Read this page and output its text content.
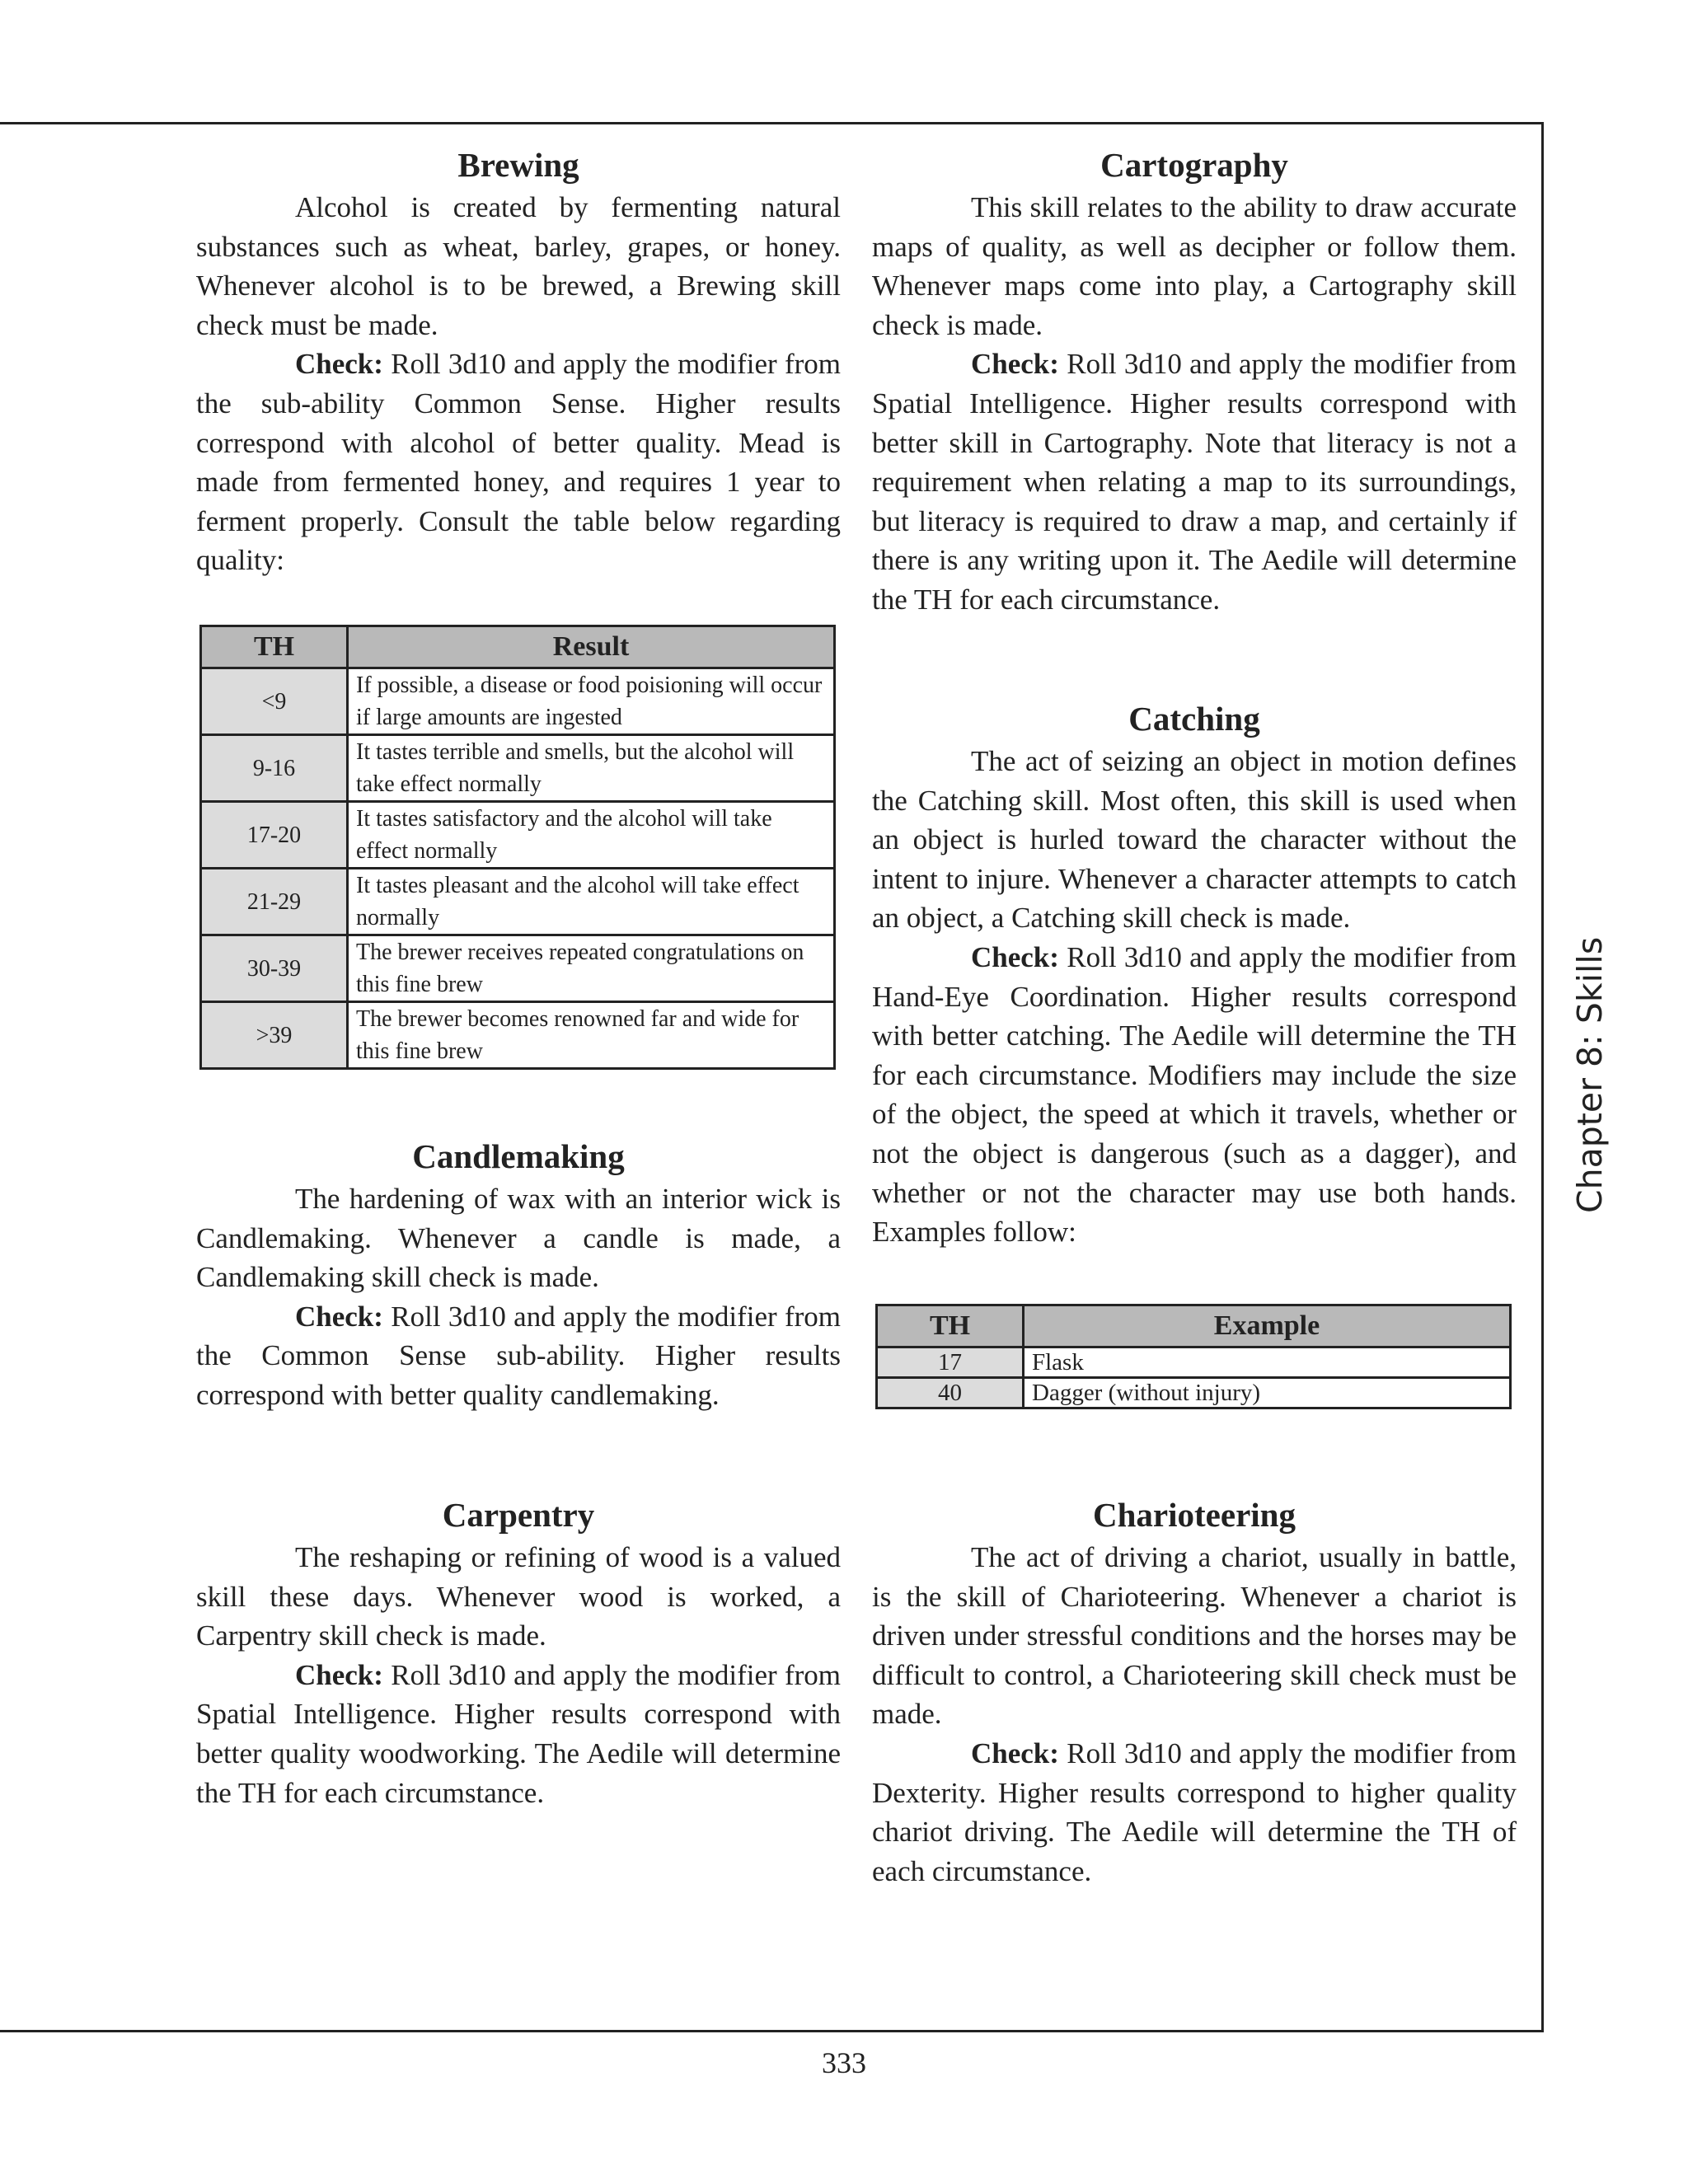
Brewing

Alcohol is created by fermenting natural substances such as wheat, barley, grapes, or honey. Whenever alcohol is to be brewed, a Brewing skill check must be made.

Check: Roll 3d10 and apply the modifier from the sub-ability Common Sense. Higher results correspond with alcohol of better quality. Mead is made from fermented honey, and requires 1 year to ferment properly. Consult the table below regarding quality:

TH	Result
<9	If possible, a disease or food poisioning will occur if large amounts are ingested
9-16	It tastes terrible and smells, but the alcohol will take effect normally
17-20	It tastes satisfactory and the alcohol will take effect normally
21-29	It tastes pleasant and the alcohol will take effect normally
30-39	The brewer receives repeated congratulations on this fine brew
>39	The brewer becomes renowned far and wide for this fine brew
Candlemaking

The hardening of wax with an interior wick is Candlemaking. Whenever a candle is made, a Candlemaking skill check is made.

Check: Roll 3d10 and apply the modifier from the Common Sense sub-ability. Higher results correspond with better quality candlemaking.

Carpentry

The reshaping or refining of wood is a valued skill these days. Whenever wood is worked, a Carpentry skill check is made.

Check: Roll 3d10 and apply the modifier from Spatial Intelligence. Higher results correspond with better quality woodworking. The Aedile will determine the TH for each circumstance.

Cartography

This skill relates to the ability to draw accurate maps of quality, as well as decipher or follow them. Whenever maps come into play, a Cartography skill check is made.

Check: Roll 3d10 and apply the modifier from Spatial Intelligence. Higher results correspond with better skill in Cartography. Note that literacy is not a requirement when relating a map to its surroundings, but literacy is required to draw a map, and certainly if there is any writing upon it. The Aedile will determine the TH for each circumstance.

Catching

The act of seizing an object in motion defines the Catching skill. Most often, this skill is used when an object is hurled toward the character without the intent to injure. Whenever a character attempts to catch an object, a Catching skill check is made.

Check: Roll 3d10 and apply the modifier from Hand-Eye Coordination. Higher results correspond with better catching. The Aedile will determine the TH for each circumstance. Modifiers may include the size of the object, the speed at which it travels, whether or not the object is dangerous (such as a dagger), and whether or not the character may use both hands. Examples follow:

TH	Example
17	Flask
40	Dagger (without injury)
Charioteering

The act of driving a chariot, usually in battle, is the skill of Charioteering. Whenever a chariot is driven under stressful conditions and the horses may be difficult to control, a Charioteering skill check must be made.

Check: Roll 3d10 and apply the modifier from Dexterity. Higher results correspond to higher quality chariot driving. The Aedile will determine the TH of each circumstance.

Chapter 8: Skills
333
